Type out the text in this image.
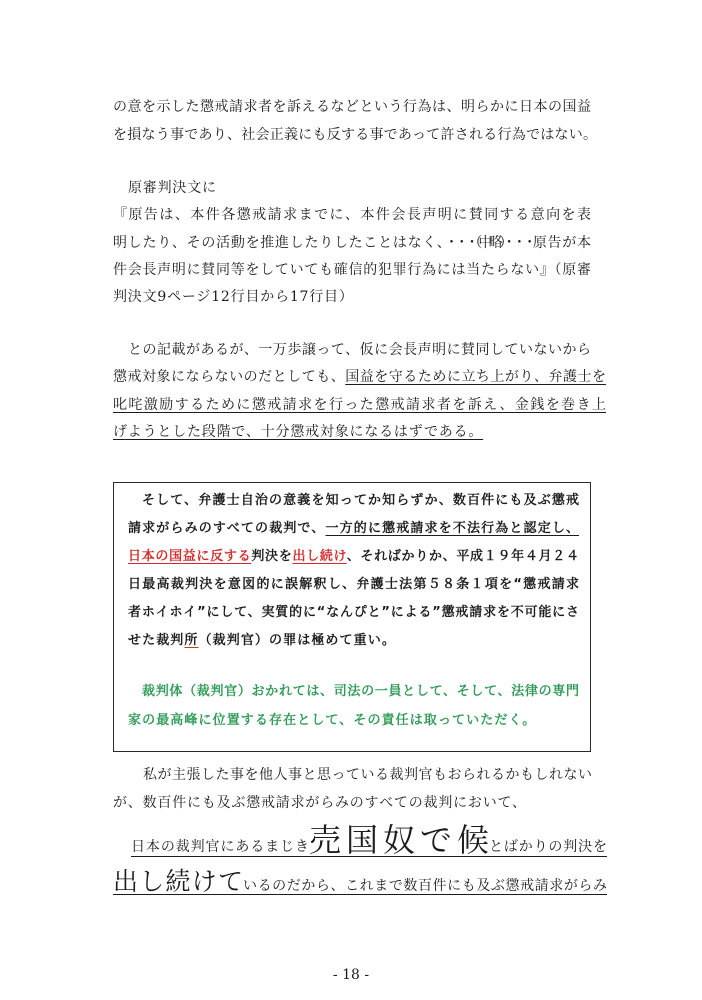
の意を示した懲戒請求者を訴えるなどという行為は、明らかに日本の国益
を損なう事であり、社会正義にも反する事であって許される行為ではない。
原審判決文に
『原告は、本件各懲戒請求までに、本件会長声明に賛同する意向を表
明したり、その活動を推進したりしたことはなく、・・・（中略）・・・原告が本
件会長声明に賛同等をしていても確信的犯罪行為には当たらない』（原審
判決文9ページ12行目から17行目）
との記載があるが、一万歩譲って、仮に会長声明に賛同していないから
懲戒対象にならないのだとしても、国益を守るために立ち上がり、弁護士を
叱咤激励するために懲戒請求を行った懲戒請求者を訴え、金銭を巻き上
げようとした段階で、十分懲戒対象になるはずである。
そして、弁護士自治の意義を知ってか知らずか、数百件にも及ぶ懲戒
請求がらみのすべての裁判で、一方的に懲戒請求を不法行為と認定し、
日本の国益に反する判決を出し続け、そればかりか、平成１９年４月２４
日最高裁判決を意図的に誤解釈し、弁護士法第５８条１項を“懲戒請求
者ホイホイ”にして、実質的に“なんぴと”による”懲戒請求を不可能にさ
せた裁判所（裁判官）の罪は極めて重い。
裁判体（裁判官）おかれては、司法の一員として、そして、法律の専門
家の最高峰に位置する存在として、その責任は取っていただく。
私が主張した事を他人事と思っている裁判官もおられるかもしれない
が、数百件にも及ぶ懲戒請求がらみのすべての裁判において、
日本の裁判官にあるまじき 売国奴で候 とばかりの判決を
出し続けて いるのだから、これまで数百件にも及ぶ懲戒請求がらみ
- 18 -
